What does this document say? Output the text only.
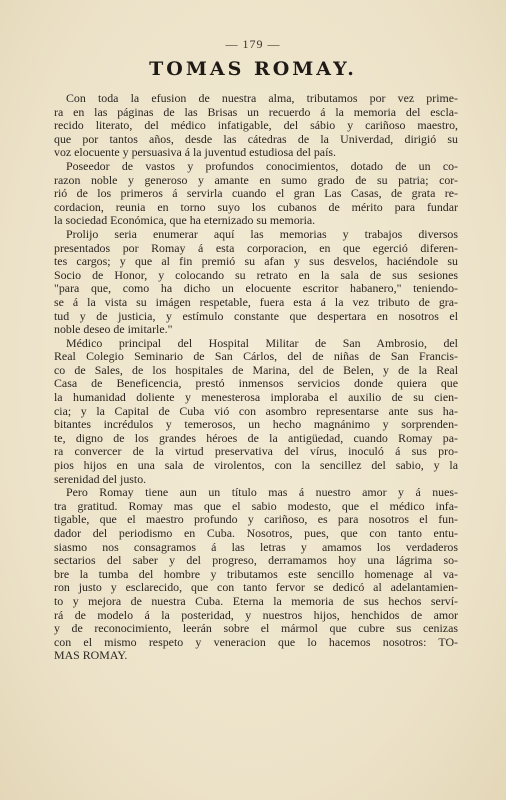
— 179 —
TOMAS ROMAY.
Con toda la efusion de nuestra alma, tributamos por vez prime-
ra en las páginas de las Brisas un recuerdo á la memoria del escla-
recido literato, del médico infatigable, del sábio y cariñoso maestro,
que por tantos años, desde las cátedras de la Univerdad, dirigió su
voz elocuente y persuasiva á la juventud estudiosa del país.
Poseedor de vastos y profundos conocimientos, dotado de un co-
razon noble y generoso y amante en sumo grado de su patria; cor-
rió de los primeros á servirla cuando el gran Las Casas, de grata re-
cordacion, reunia en torno suyo los cubanos de mérito para fundar
la sociedad Económica, que ha eternizado su memoria.
Prolijo seria enumerar aquí las memorias y trabajos diversos
presentados por Romay á esta corporacion, en que egerció diferen-
tes cargos; y que al fin premió su afan y sus desvelos, haciéndole su
Socio de Honor, y colocando su retrato en la sala de sus sesiones
"para que, como ha dicho un elocuente escritor habanero," teniendo-
se á la vista su imágen respetable, fuera esta á la vez tributo de gra-
tud y de justicia, y estímulo constante que despertara en nosotros el
noble deseo de imitarle."
Médico principal del Hospital Militar de San Ambrosio, del
Real Colegio Seminario de San Cárlos, del de niñas de San Francis-
co de Sales, de los hospitales de Marina, del de Belen, y de la Real
Casa de Beneficencia, prestó inmensos servicios donde quiera que
la humanidad doliente y menesterosa imploraba el auxilio de su cien-
cia; y la Capital de Cuba vió con asombro representarse ante sus ha-
bitantes incrédulos y temerosos, un hecho magnánimo y sorprenden-
te, digno de los grandes héroes de la antigüedad, cuando Romay pa-
ra convercer de la virtud preservativa del vírus, inoculó á sus pro-
pios hijos en una sala de virolentos, con la sencillez del sabio, y la
serenidad del justo.
Pero Romay tiene aun un título mas á nuestro amor y á nues-
tra gratitud. Romay mas que el sabio modesto, que el médico infa-
tigable, que el maestro profundo y cariñoso, es para nosotros el fun-
dador del periodismo en Cuba. Nosotros, pues, que con tanto entu-
siasmo nos consagramos á las letras y amamos los verdaderos
sectarios del saber y del progreso, derramamos hoy una lágrima so-
bre la tumba del hombre y tributamos este sencillo homenage al va-
ron justo y esclarecido, que con tanto fervor se dedicó al adelantamien-
to y mejora de nuestra Cuba. Eterna la memoria de sus hechos serví-
rá de modelo á la posteridad, y nuestros hijos, henchidos de amor
y de reconocimiento, leerán sobre el mármol que cubre sus cenizas
con el mismo respeto y veneracion que lo hacemos nosotros: TO-
MAS ROMAY.
